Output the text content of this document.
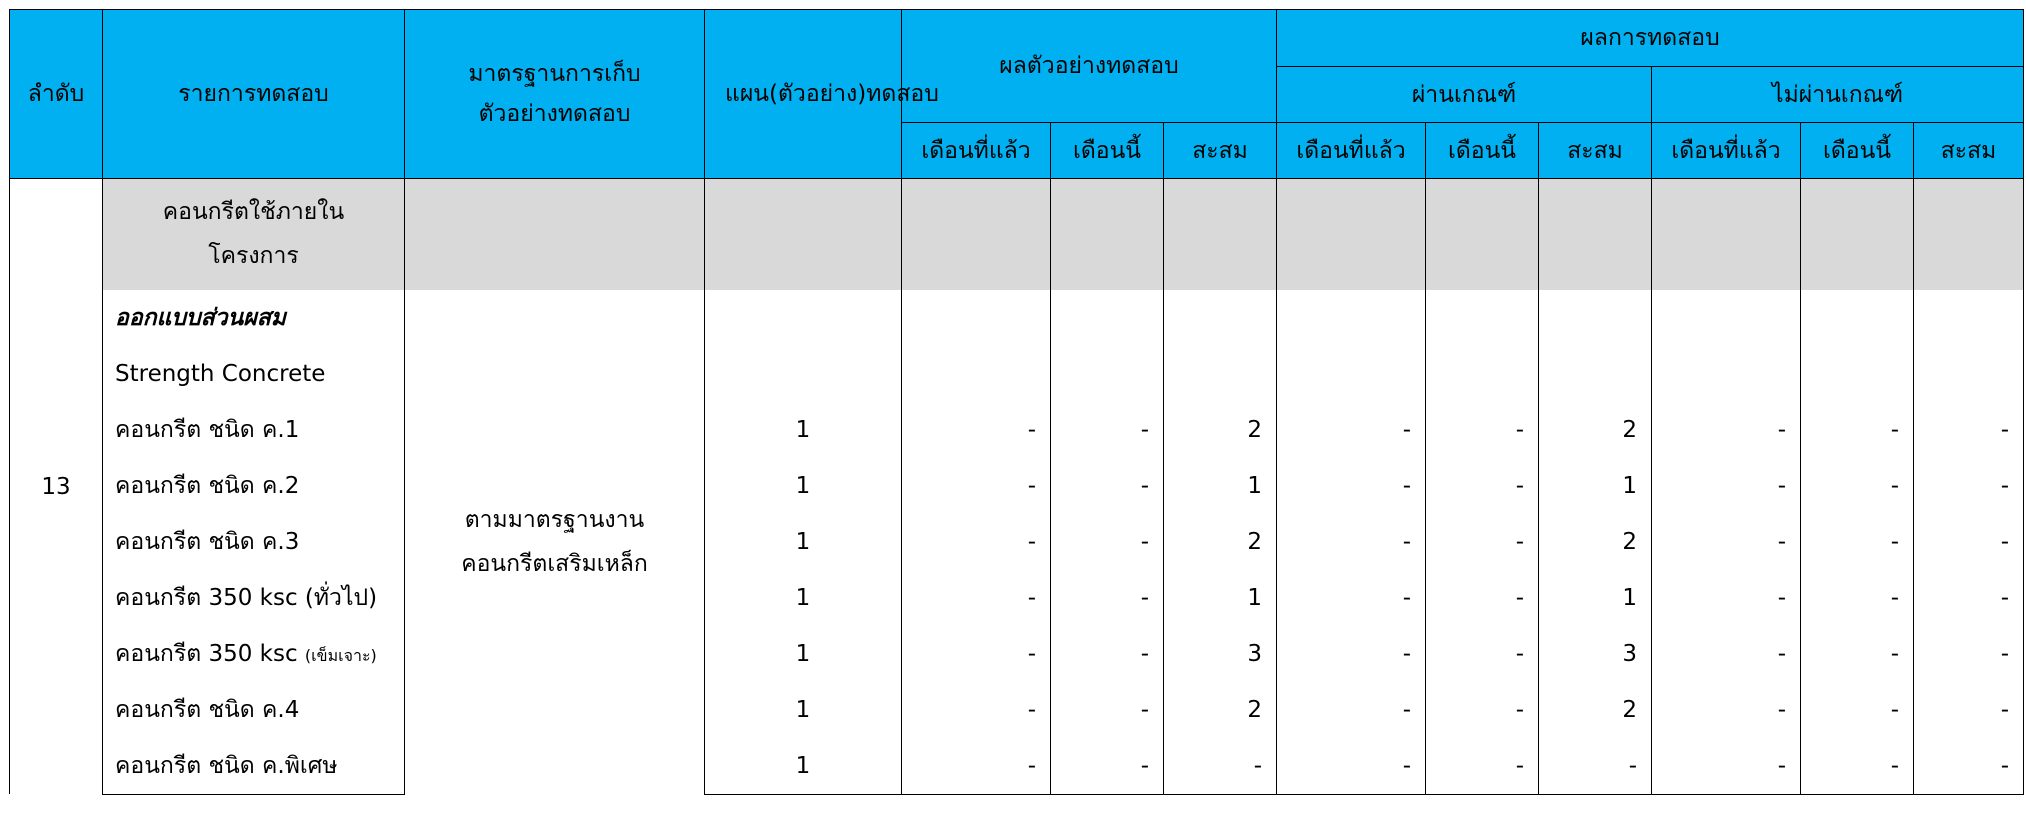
ลำดับ	รายการทดสอบ	มาตรฐานการเก็บตัวอย่างทดสอบ	แผน(ตัวอย่าง)ทดสอบ	ผลตัวอย่างทดสอบ			ผลการทดสอบ					
							ผ่านเกณฑ์			ไม่ผ่านเกณฑ์		
				เดือนที่แล้ว	เดือนนี้	สะสม	เดือนที่แล้ว	เดือนนี้	สะสม	เดือนที่แล้ว	เดือนนี้	สะสม
13	คอนกรีตใช้ภายในโครงการ											
	ออกแบบส่วนผสม	ตามมาตรฐานงานคอนกรีตเสริมเหล็ก										
	Strength Concrete											
	คอนกรีต ชนิด ค.1		1	-	-	2	-	-	2	-	-	-
	คอนกรีต ชนิด ค.2		1	-	-	1	-	-	1	-	-	-
	คอนกรีต ชนิด ค.3		1	-	-	2	-	-	2	-	-	-
	คอนกรีต 350 ksc (ทั่วไป)		1	-	-	1	-	-	1	-	-	-
	คอนกรีต 350 ksc (เข็มเจาะ)		1	-	-	3	-	-	3	-	-	-
	คอนกรีต ชนิด ค.4		1	-	-	2	-	-	2	-	-	-
	คอนกรีต ชนิด ค.พิเศษ		1	-	-	-	-	-	-	-	-	-
